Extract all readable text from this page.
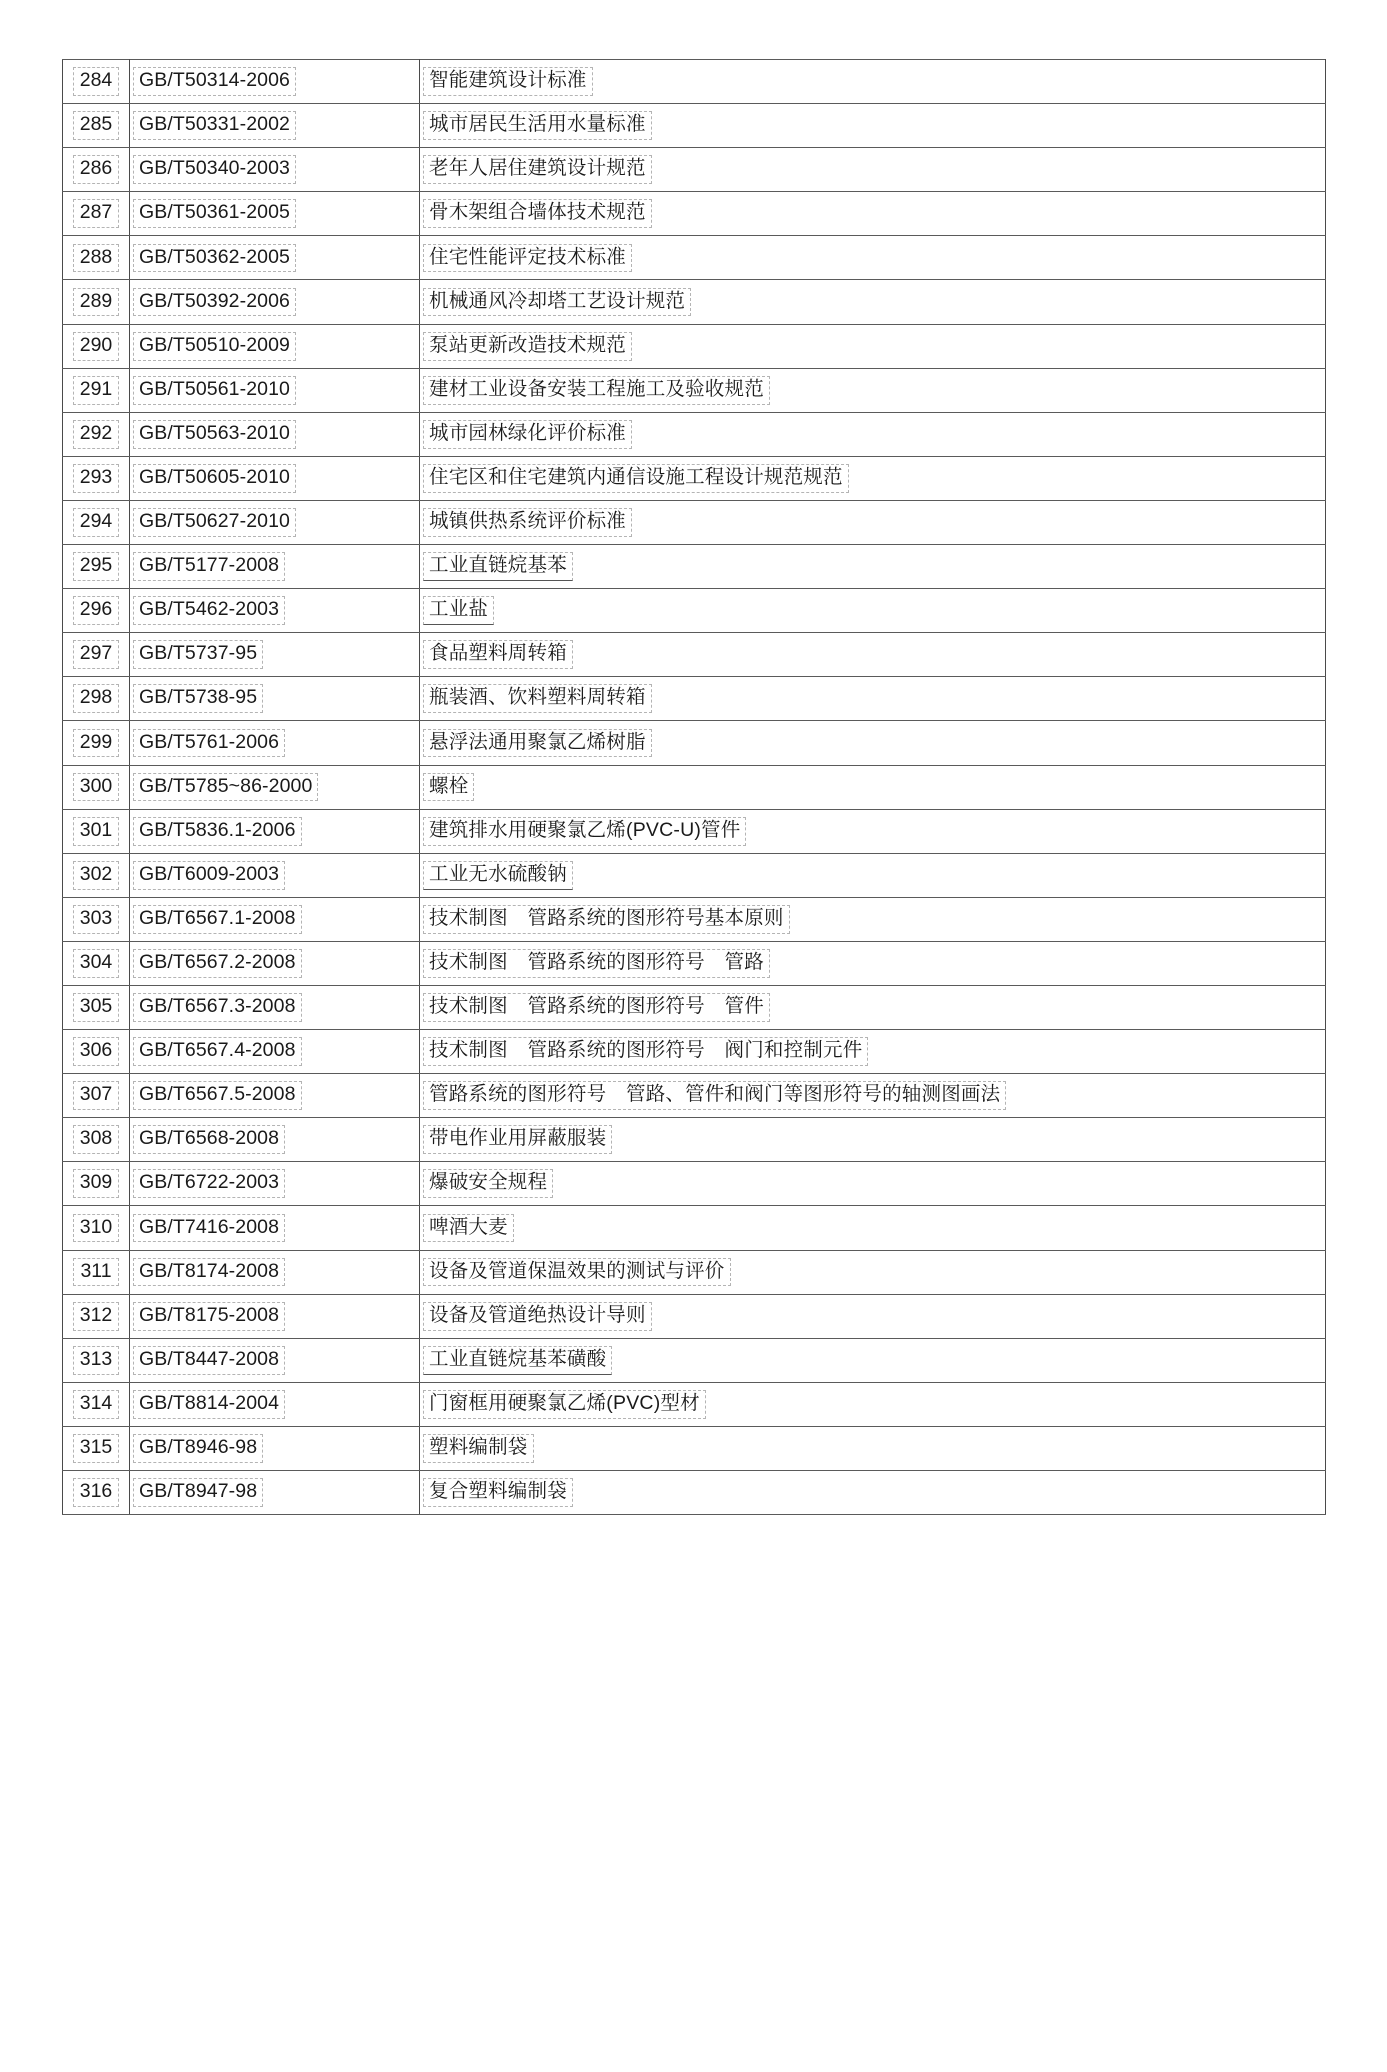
284	GB/T50314-2006	智能建筑设计标准
285	GB/T50331-2002	城市居民生活用水量标准
286	GB/T50340-2003	老年人居住建筑设计规范
287	GB/T50361-2005	骨木架组合墙体技术规范
288	GB/T50362-2005	住宅性能评定技术标准
289	GB/T50392-2006	机械通风冷却塔工艺设计规范
290	GB/T50510-2009	泵站更新改造技术规范
291	GB/T50561-2010	建材工业设备安装工程施工及验收规范
292	GB/T50563-2010	城市园林绿化评价标准
293	GB/T50605-2010	住宅区和住宅建筑内通信设施工程设计规范规范
294	GB/T50627-2010	城镇供热系统评价标准
295	GB/T5177-2008	工业直链烷基苯
296	GB/T5462-2003	工业盐
297	GB/T5737-95	食品塑料周转箱
298	GB/T5738-95	瓶装酒、饮料塑料周转箱
299	GB/T5761-2006	悬浮法通用聚氯乙烯树脂
300	GB/T5785~86-2000	螺栓
301	GB/T5836.1-2006	建筑排水用硬聚氯乙烯(PVC-U)管件
302	GB/T6009-2003	工业无水硫酸钠
303	GB/T6567.1-2008	技术制图　管路系统的图形符号基本原则
304	GB/T6567.2-2008	技术制图　管路系统的图形符号　管路
305	GB/T6567.3-2008	技术制图　管路系统的图形符号　管件
306	GB/T6567.4-2008	技术制图　管路系统的图形符号　阀门和控制元件
307	GB/T6567.5-2008	管路系统的图形符号　管路、管件和阀门等图形符号的轴测图画法
308	GB/T6568-2008	带电作业用屏蔽服装
309	GB/T6722-2003	爆破安全规程
310	GB/T7416-2008	啤酒大麦
311	GB/T8174-2008	设备及管道保温效果的测试与评价
312	GB/T8175-2008	设备及管道绝热设计导则
313	GB/T8447-2008	工业直链烷基苯磺酸
314	GB/T8814-2004	门窗框用硬聚氯乙烯(PVC)型材
315	GB/T8946-98	塑料编制袋
316	GB/T8947-98	复合塑料编制袋
